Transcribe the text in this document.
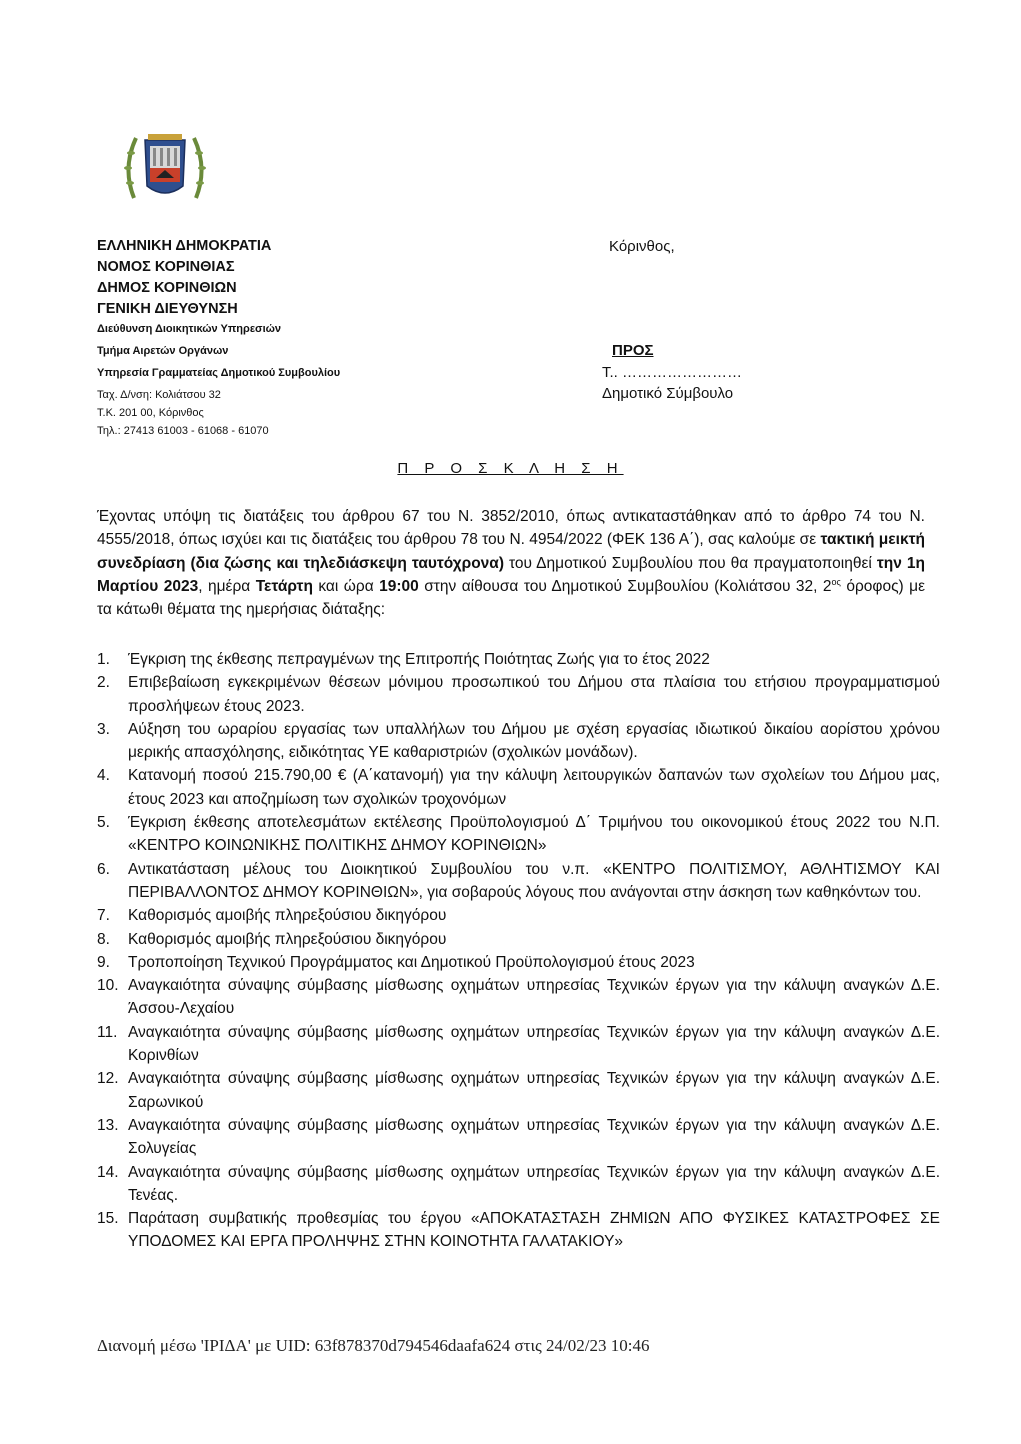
ΕΛΛΗΝΙΚΗ ΔΗΜΟΚΡΑΤΙΑ
ΝΟΜΟΣ ΚΟΡΙΝΘΙΑΣ
ΔΗΜΟΣ ΚΟΡΙΝΘΙΩΝ
ΓΕΝΙΚΗ ΔΙΕΥΘΥΝΣΗ
Διεύθυνση Διοικητικών Υπηρεσιών
Τμήμα Αιρετών Οργάνων
Υπηρεσία Γραμματείας Δημοτικού Συμβουλίου
Ταχ. Δ/νση: Κολιάτσου 32
Τ.Κ. 201 00, Κόρινθος
Τηλ.: 27413 61003 - 61068 - 61070
Κόρινθος,
ΠΡΟΣ
Τ.. ……………………
Δημοτικό Σύμβουλο
Π Ρ Ο Σ Κ Λ Η Σ Η
Έχοντας υπόψη τις διατάξεις του άρθρου 67 του Ν. 3852/2010, όπως αντικαταστάθηκαν από το άρθρο 74 του Ν. 4555/2018, όπως ισχύει και τις διατάξεις του άρθρου 78 του Ν. 4954/2022 (ΦΕΚ 136 Α΄), σας καλούμε σε τακτική μεικτή συνεδρίαση (δια ζώσης και τηλεδιάσκεψη ταυτόχρονα) του Δημοτικού Συμβουλίου που θα πραγματοποιηθεί την 1η Μαρτίου 2023, ημέρα Τετάρτη και ώρα 19:00 στην αίθουσα του Δημοτικού Συμβουλίου (Κολιάτσου 32, $2^{o\varsigma}$ όροφος) με τα κάτωθι θέματα της ημερήσιας διάταξης:
1. Έγκριση της έκθεσης πεπραγμένων της Επιτροπής Ποιότητας Ζωής για το έτος 2022
2. Επιβεβαίωση εγκεκριμένων θέσεων μόνιμου προσωπικού του Δήμου στα πλαίσια του ετήσιου προγραμματισμού προσλήψεων έτους 2023.
3. Αύξηση του ωραρίου εργασίας των υπαλλήλων του Δήμου με σχέση εργασίας ιδιωτικού δικαίου αορίστου χρόνου μερικής απασχόλησης, ειδικότητας ΥΕ καθαριστριών (σχολικών μονάδων).
4. Κατανομή ποσού 215.790,00 € (Α΄κατανομή) για την κάλυψη λειτουργικών δαπανών των σχολείων του Δήμου μας, έτους 2023 και αποζημίωση των σχολικών τροχονόμων
5. Έγκριση έκθεσης αποτελεσμάτων εκτέλεσης Προϋπολογισμού Δ΄ Τριμήνου του οικονομικού έτους 2022 του Ν.Π. «ΚΕΝΤΡΟ ΚΟΙΝΩΝΙΚΗΣ ΠΟΛΙΤΙΚΗΣ ΔΗΜΟΥ ΚΟΡΙΝΘΙΩΝ»
6. Αντικατάσταση μέλους του Διοικητικού Συμβουλίου του ν.π. «ΚΕΝΤΡΟ ΠΟΛΙΤΙΣΜΟΥ, ΑΘΛΗΤΙΣΜΟΥ ΚΑΙ ΠΕΡΙΒΑΛΛΟΝΤΟΣ ΔΗΜΟΥ ΚΟΡΙΝΘΙΩΝ», για σοβαρούς λόγους που ανάγονται στην άσκηση των καθηκόντων του.
7. Καθορισμός αμοιβής πληρεξούσιου δικηγόρου
8. Καθορισμός αμοιβής πληρεξούσιου δικηγόρου
9. Τροποποίηση Τεχνικού Προγράμματος και Δημοτικού Προϋπολογισμού έτους 2023
10. Αναγκαιότητα σύναψης σύμβασης μίσθωσης οχημάτων υπηρεσίας Τεχνικών έργων για την κάλυψη αναγκών Δ.Ε. Άσσου-Λεχαίου
11. Αναγκαιότητα σύναψης σύμβασης μίσθωσης οχημάτων υπηρεσίας Τεχνικών έργων για την κάλυψη αναγκών Δ.Ε. Κορινθίων
12. Αναγκαιότητα σύναψης σύμβασης μίσθωσης οχημάτων υπηρεσίας Τεχνικών έργων για την κάλυψη αναγκών Δ.Ε. Σαρωνικού
13. Αναγκαιότητα σύναψης σύμβασης μίσθωσης οχημάτων υπηρεσίας Τεχνικών έργων για την κάλυψη αναγκών Δ.Ε. Σολυγείας
14. Αναγκαιότητα σύναψης σύμβασης μίσθωσης οχημάτων υπηρεσίας Τεχνικών έργων για την κάλυψη αναγκών Δ.Ε. Τενέας.
15. Παράταση συμβατικής προθεσμίας του έργου «ΑΠΟΚΑΤΑΣΤΑΣΗ ΖΗΜΙΩΝ ΑΠΟ ΦΥΣΙΚΕΣ ΚΑΤΑΣΤΡΟΦΕΣ ΣΕ ΥΠΟΔΟΜΕΣ ΚΑΙ ΕΡΓΑ ΠΡΟΛΗΨΗΣ ΣΤΗΝ ΚΟΙΝΟΤΗΤΑ ΓΑΛΑΤΑΚΙΟΥ»
Διανομή μέσω 'ΙΡΙΔΑ' με UID: 63f878370d794546daafa624 στις 24/02/23 10:46
